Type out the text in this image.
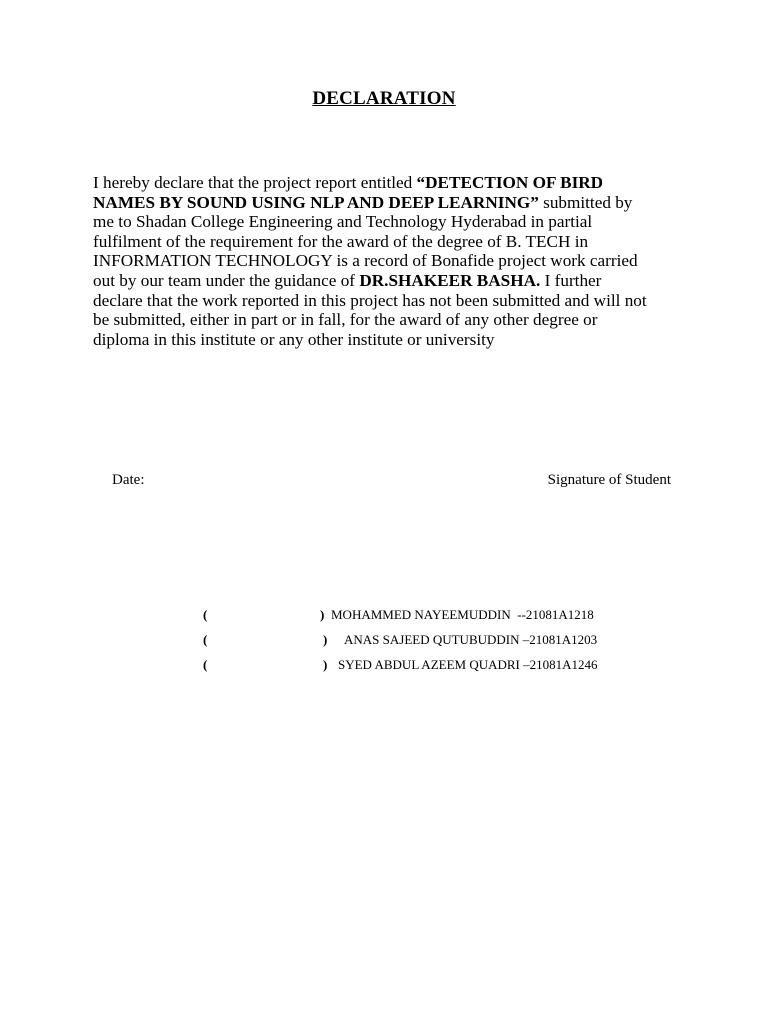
DECLARATION

I hereby declare that the project report entitled “DETECTION OF BIRD NAMES BY SOUND USING NLP AND DEEP LEARNING” submitted by me to Shadan College Engineering and Technology Hyderabad in partial fulfilment of the requirement for the award of the degree of B. TECH in INFORMATION TECHNOLOGY is a record of Bonafide project work carried out by our team under the guidance of DR.SHAKEER BASHA. I further declare that the work reported in this project has not been submitted and will not be submitted, either in part or in fall, for the award of any other degree or diploma in this institute or any other institute or university

Date:	Signature of Student
(	) MOHAMMED NAYEEMUDDIN  --21081A1218
(	) ANAS SAJEED QUTUBUDDIN –21081A1203
(	) SYED ABDUL AZEEM QUADRI –21081A1246
